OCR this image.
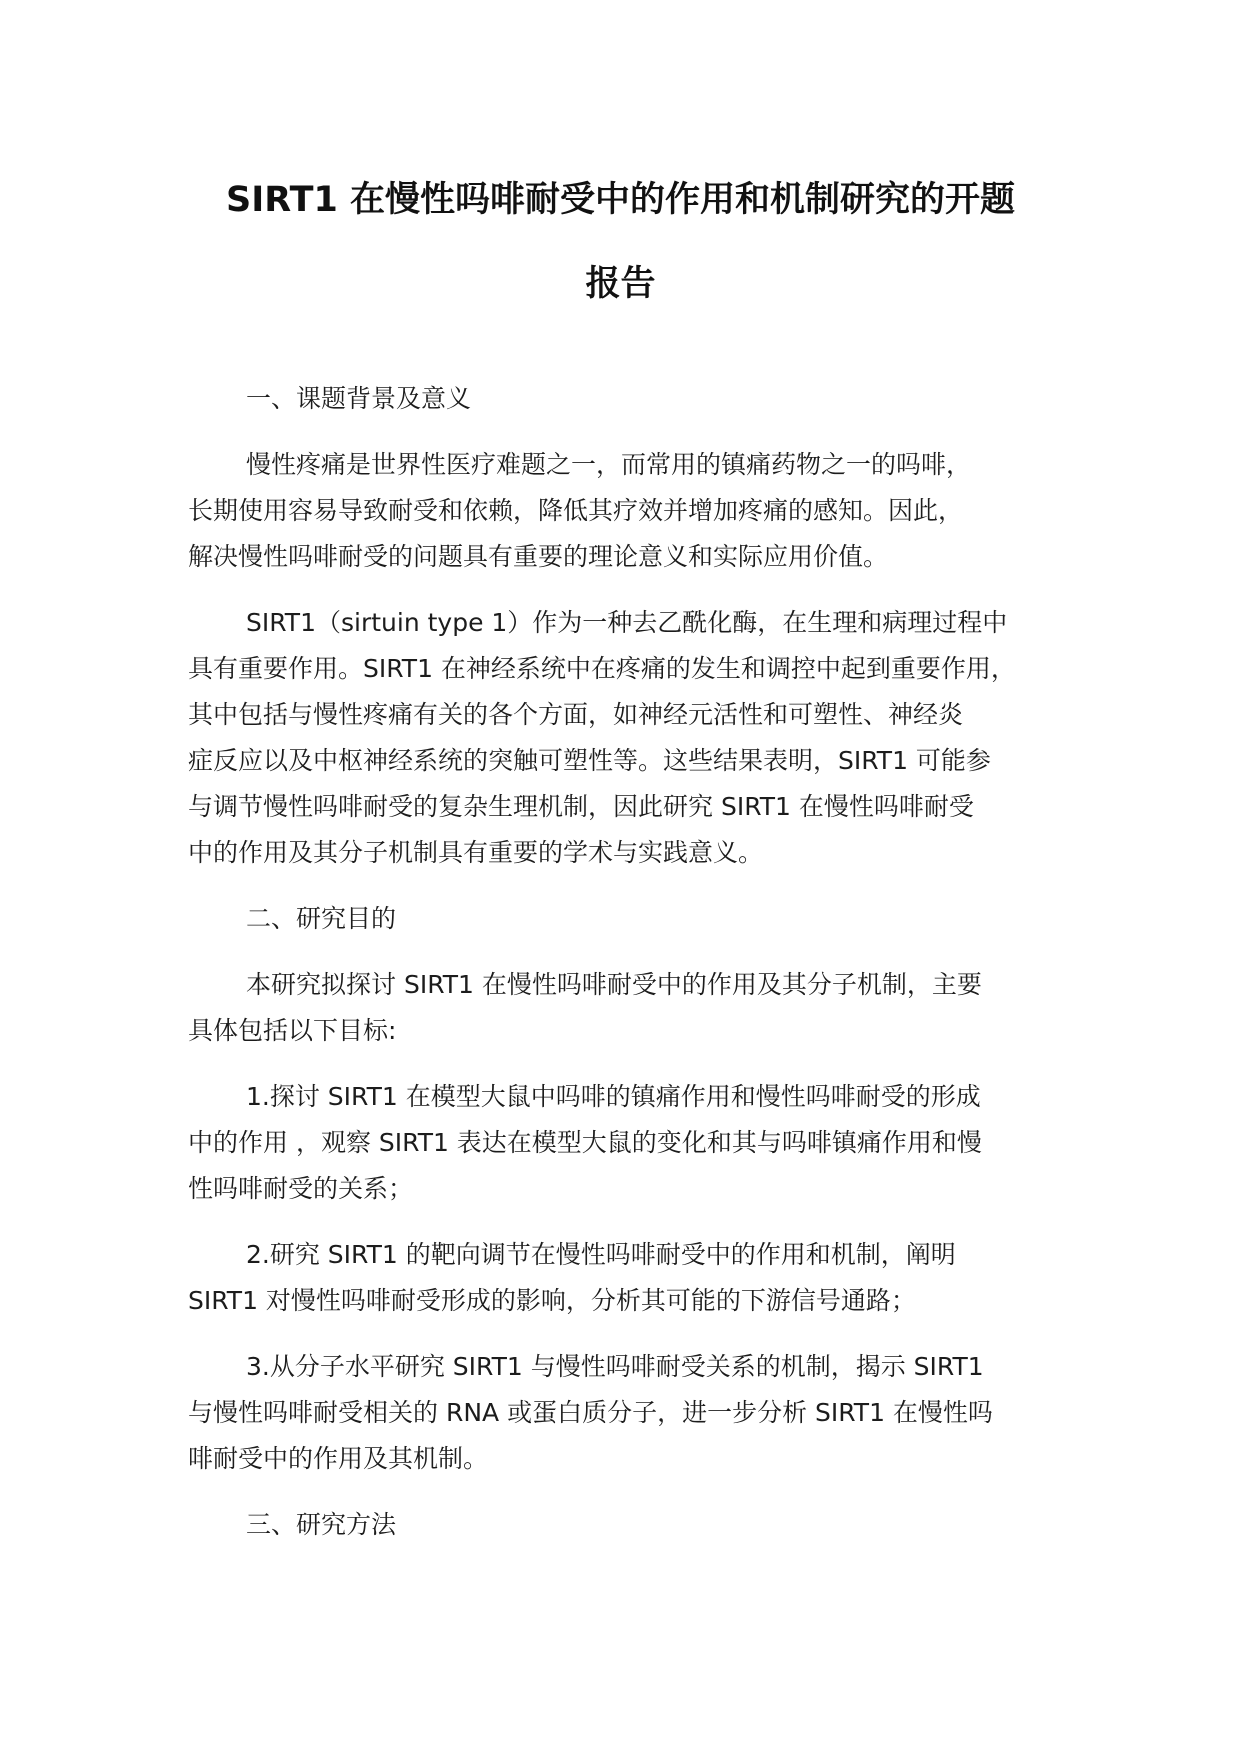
SIRT1 在慢性吗啡耐受中的作用和机制研究的开题
报告

一、课题背景及意义

慢性疼痛是世界性医疗难题之一，而常用的镇痛药物之一的吗啡，
长期使用容易导致耐受和依赖，降低其疗效并增加疼痛的感知。因此，
解决慢性吗啡耐受的问题具有重要的理论意义和实际应用价值。

SIRT1（sirtuin type 1）作为一种去乙酰化酶，在生理和病理过程中
具有重要作用。SIRT1 在神经系统中在疼痛的发生和调控中起到重要作用，
其中包括与慢性疼痛有关的各个方面，如神经元活性和可塑性、神经炎
症反应以及中枢神经系统的突触可塑性等。这些结果表明，SIRT1 可能参
与调节慢性吗啡耐受的复杂生理机制，因此研究 SIRT1 在慢性吗啡耐受
中的作用及其分子机制具有重要的学术与实践意义。

二、研究目的

本研究拟探讨 SIRT1 在慢性吗啡耐受中的作用及其分子机制，主要
具体包括以下目标:

1.探讨 SIRT1 在模型大鼠中吗啡的镇痛作用和慢性吗啡耐受的形成
中的作用 ，观察 SIRT1 表达在模型大鼠的变化和其与吗啡镇痛作用和慢
性吗啡耐受的关系；

2.研究 SIRT1 的靶向调节在慢性吗啡耐受中的作用和机制，阐明
SIRT1 对慢性吗啡耐受形成的影响，分析其可能的下游信号通路；

3.从分子水平研究 SIRT1 与慢性吗啡耐受关系的机制，揭示 SIRT1
与慢性吗啡耐受相关的 RNA 或蛋白质分子，进一步分析 SIRT1 在慢性吗
啡耐受中的作用及其机制。

三、研究方法
